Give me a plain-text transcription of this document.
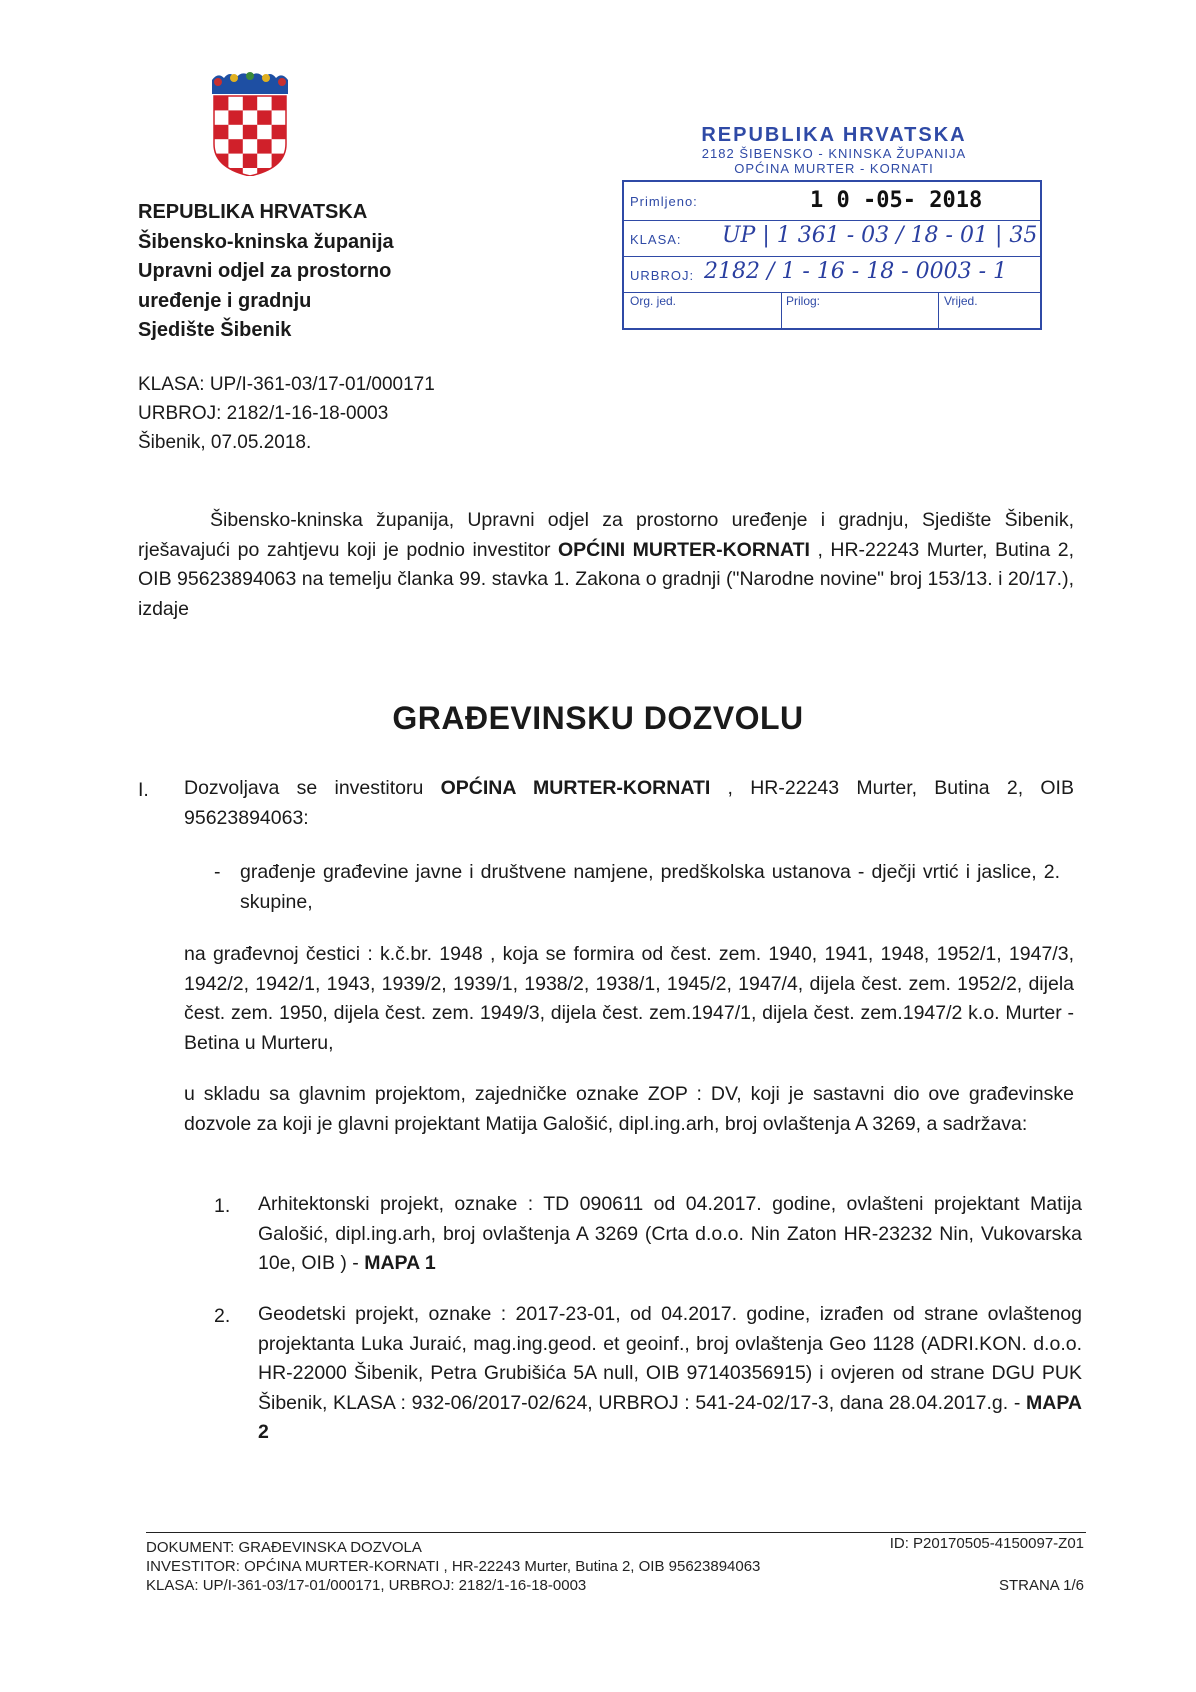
REPUBLIKA HRVATSKA
Šibensko-kninska županija
Upravni odjel za prostorno
uređenje i gradnju
Sjedište Šibenik
REPUBLIKA HRVATSKA
2182 ŠIBENSKO - KNINSKA ŽUPANIJA
OPĆINA MURTER - KORNATI
Primljeno:	1 0 -05- 2018
KLASA: UP | 1 361 - 03 / 18 - 01 | 35
URBROJ: 2182 / 1 - 16 - 18 - 0003 - 1
Org. jed.	Prilog:	Vrijed.
KLASA: UP/I-361-03/17-01/000171
URBROJ: 2182/1-16-18-0003
Šibenik, 07.05.2018.
Šibensko-kninska županija, Upravni odjel za prostorno uređenje i gradnju, Sjedište Šibenik, rješavajući po zahtjevu koji je podnio investitor OPĆINI MURTER-KORNATI , HR-22243 Murter, Butina 2, OIB 95623894063 na temelju članka 99. stavka 1. Zakona o gradnji ("Narodne novine" broj 153/13. i 20/17.), izdaje
GRAĐEVINSKU DOZVOLU
I.	Dozvoljava se investitoru OPĆINA MURTER-KORNATI , HR-22243 Murter, Butina 2, OIB 95623894063:
-	građenje građevine javne i društvene namjene, predškolska ustanova - dječji vrtić i jaslice, 2. skupine,
na građevnoj čestici : k.č.br. 1948 , koja se formira od čest. zem. 1940, 1941, 1948, 1952/1, 1947/3, 1942/2, 1942/1, 1943, 1939/2, 1939/1, 1938/2, 1938/1, 1945/2, 1947/4, dijela čest. zem. 1952/2, dijela čest. zem. 1950, dijela čest. zem. 1949/3, dijela čest. zem.1947/1, dijela čest. zem.1947/2 k.o. Murter - Betina u Murteru,
u skladu sa glavnim projektom, zajedničke oznake ZOP : DV, koji je sastavni dio ove građevinske dozvole za koji je glavni projektant Matija Galošić, dipl.ing.arh, broj ovlaštenja A 3269, a sadržava:
1.	Arhitektonski projekt, oznake : TD 090611 od 04.2017. godine, ovlašteni projektant Matija Galošić, dipl.ing.arh, broj ovlaštenja A 3269 (Crta d.o.o. Nin Zaton HR-23232 Nin, Vukovarska 10e, OIB ) - MAPA 1
2.	Geodetski projekt, oznake : 2017-23-01, od 04.2017. godine, izrađen od strane ovlaštenog projektanta Luka Juraić, mag.ing.geod. et geoinf., broj ovlaštenja Geo 1128 (ADRI.KON. d.o.o. HR-22000 Šibenik, Petra Grubišića 5A null, OIB 97140356915) i ovjeren od strane DGU PUK Šibenik, KLASA : 932-06/2017-02/624, URBROJ : 541-24-02/17-3, dana 28.04.2017.g. - MAPA 2
DOKUMENT: GRAĐEVINSKA DOZVOLA	ID: P20170505-4150097-Z01
INVESTITOR: OPĆINA MURTER-KORNATI , HR-22243 Murter, Butina 2, OIB 95623894063
KLASA: UP/I-361-03/17-01/000171, URBROJ: 2182/1-16-18-0003	STRANA 1/6
